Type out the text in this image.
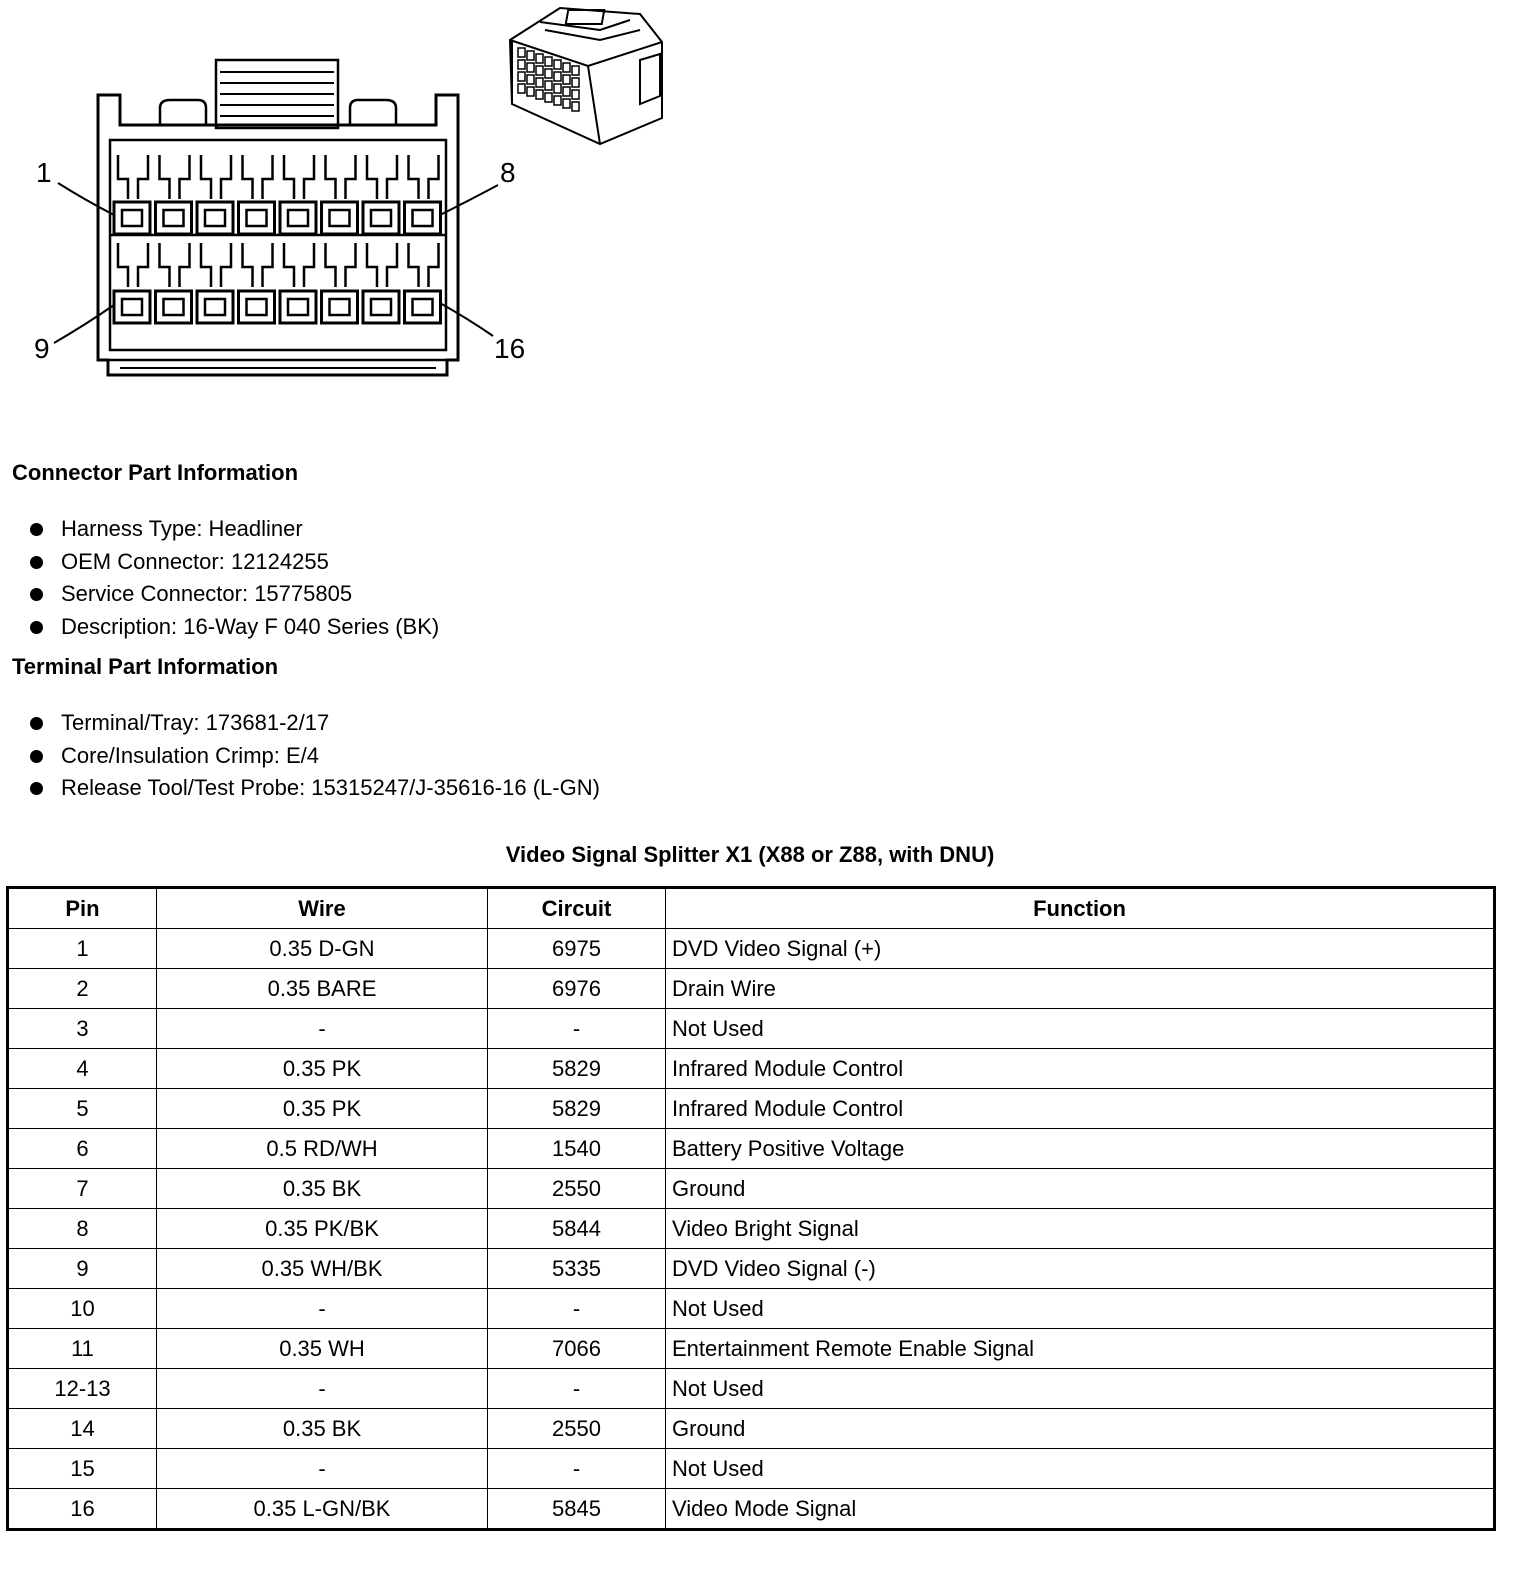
1	8
9	16
Connector Part Information
Harness Type: Headliner
OEM Connector: 12124255
Service Connector: 15775805
Description: 16-Way F 040 Series (BK)
Terminal Part Information
Terminal/Tray: 173681-2/17
Core/Insulation Crimp: E/4
Release Tool/Test Probe: 15315247/J-35616-16 (L-GN)
Video Signal Splitter X1 (X88 or Z88, with DNU)
Pin	Wire	Circuit	Function
1	0.35 D-GN	6975	DVD Video Signal (+)
2	0.35 BARE	6976	Drain Wire
3	-	-	Not Used
4	0.35 PK	5829	Infrared Module Control
5	0.35 PK	5829	Infrared Module Control
6	0.5 RD/WH	1540	Battery Positive Voltage
7	0.35 BK	2550	Ground
8	0.35 PK/BK	5844	Video Bright Signal
9	0.35 WH/BK	5335	DVD Video Signal (-)
10	-	-	Not Used
11	0.35 WH	7066	Entertainment Remote Enable Signal
12-13	-	-	Not Used
14	0.35 BK	2550	Ground
15	-	-	Not Used
16	0.35 L-GN/BK	5845	Video Mode Signal
